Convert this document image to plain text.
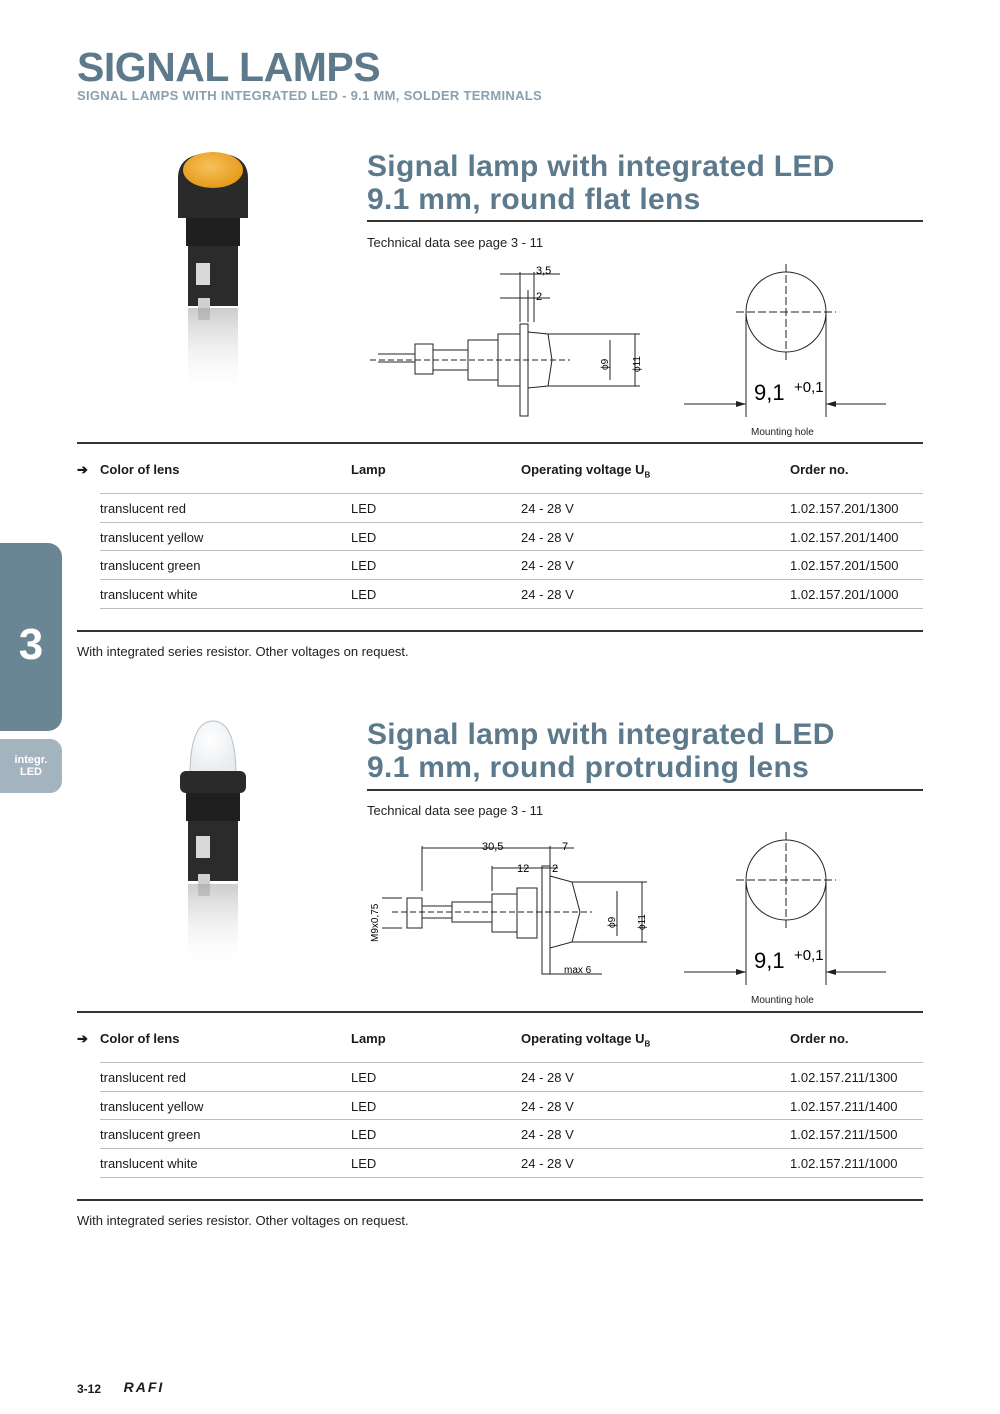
SIGNAL LAMPS
SIGNAL LAMPS WITH INTEGRATED LED - 9.1 MM, SOLDER TERMINALS
3
integr.
LED
Signal lamp with integrated LED
9.1 mm, round flat lens
Technical data see page 3 - 11
3,5
2
ϕ9 ϕ11
9,1 +0,1
Mounting hole
➔ Color of lens	Lamp	Operating voltage $U_B$	Order no.
translucent red	LED	24 - 28 V	1.02.157.201/1300
translucent yellow	LED	24 - 28 V	1.02.157.201/1400
translucent green	LED	24 - 28 V	1.02.157.201/1500
translucent white	LED	24 - 28 V	1.02.157.201/1000
With integrated series resistor. Other voltages on request.
Signal lamp with integrated LED
9.1 mm, round protruding lens
Technical data see page 3 - 11
30,5	7
12 2
M9x0,75
max 6
ϕ9 ϕ11
9,1 +0,1
Mounting hole
➔ Color of lens	Lamp	Operating voltage $U_B$	Order no.
translucent red	LED	24 - 28 V	1.02.157.211/1300
translucent yellow	LED	24 - 28 V	1.02.157.211/1400
translucent green	LED	24 - 28 V	1.02.157.211/1500
translucent white	LED	24 - 28 V	1.02.157.211/1000
With integrated series resistor. Other voltages on request.
3-12 RAFI
